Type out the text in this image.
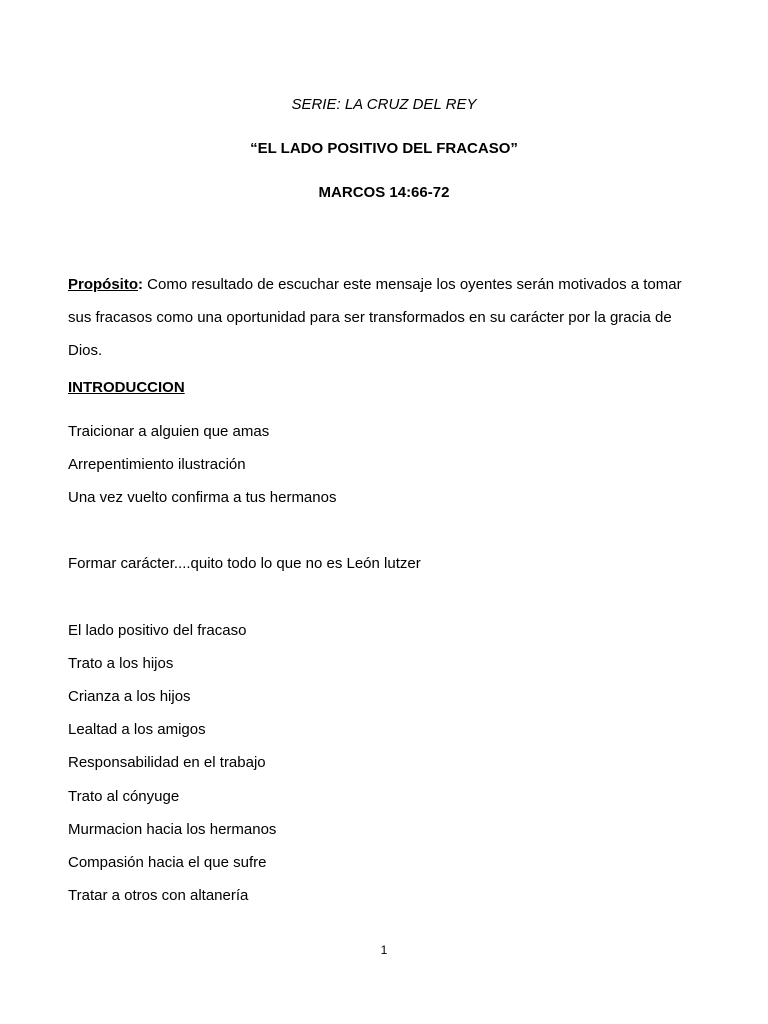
SERIE: LA CRUZ DEL REY
“EL LADO POSITIVO DEL FRACASO”
MARCOS 14:66-72
Propósito: Como resultado de escuchar este mensaje los oyentes serán motivados a tomar sus fracasos como una oportunidad para ser transformados en su carácter por la gracia de Dios.
INTRODUCCION
Traicionar a alguien que amas
Arrepentimiento ilustración
Una vez vuelto confirma a tus hermanos
Formar carácter....quito todo lo que no es León lutzer
El lado positivo del fracaso
Trato a los hijos
Crianza a los hijos
Lealtad a los amigos
Responsabilidad en el trabajo
Trato al cónyuge
Murmacion hacia los hermanos
Compasión hacia el que sufre
Tratar a otros con altanería
1
